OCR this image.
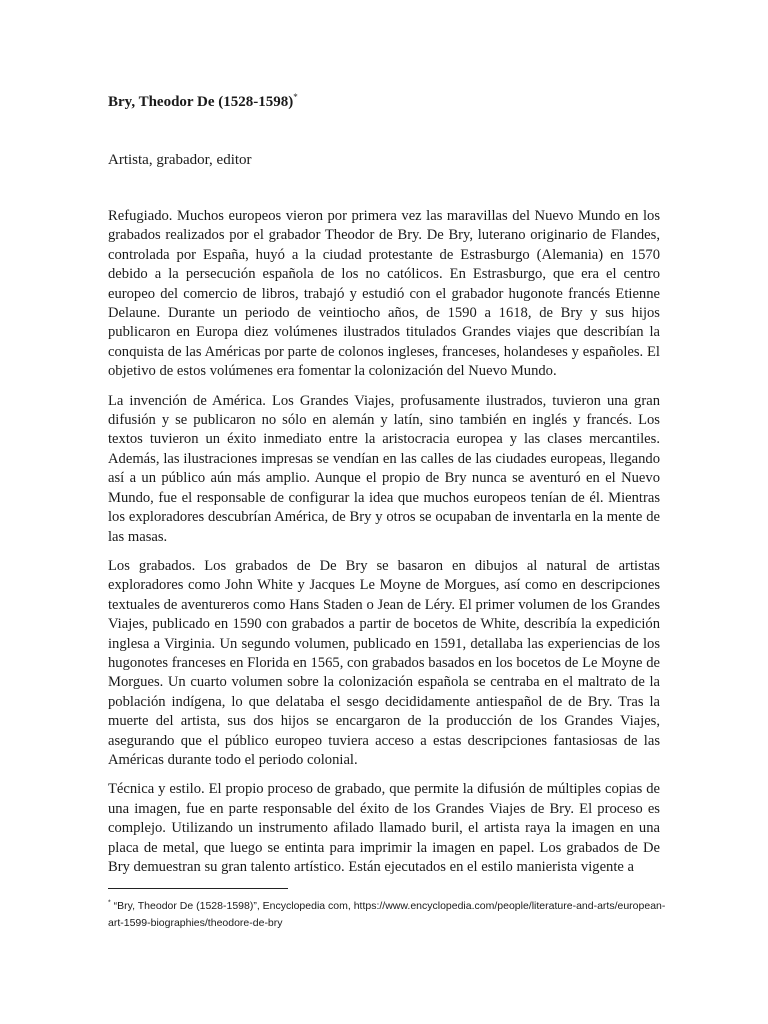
Bry, Theodor De (1528-1598)*

Artista, grabador, editor

Refugiado. Muchos europeos vieron por primera vez las maravillas del Nuevo Mundo en los grabados realizados por el grabador Theodor de Bry. De Bry, luterano originario de Flandes, controlada por España, huyó a la ciudad protestante de Estrasburgo (Alemania) en 1570 debido a la persecución española de los no católicos. En Estrasburgo, que era el centro europeo del comercio de libros, trabajó y estudió con el grabador hugonote francés Etienne Delaune. Durante un periodo de veintiocho años, de 1590 a 1618, de Bry y sus hijos publicaron en Europa diez volúmenes ilustrados titulados Grandes viajes que describían la conquista de las Américas por parte de colonos ingleses, franceses, holandeses y españoles. El objetivo de estos volúmenes era fomentar la colonización del Nuevo Mundo.

La invención de América. Los Grandes Viajes, profusamente ilustrados, tuvieron una gran difusión y se publicaron no sólo en alemán y latín, sino también en inglés y francés. Los textos tuvieron un éxito inmediato entre la aristocracia europea y las clases mercantiles. Además, las ilustraciones impresas se vendían en las calles de las ciudades europeas, llegando así a un público aún más amplio. Aunque el propio de Bry nunca se aventuró en el Nuevo Mundo, fue el responsable de configurar la idea que muchos europeos tenían de él. Mientras los exploradores descubrían América, de Bry y otros se ocupaban de inventarla en la mente de las masas.

Los grabados. Los grabados de De Bry se basaron en dibujos al natural de artistas exploradores como John White y Jacques Le Moyne de Morgues, así como en descripciones textuales de aventureros como Hans Staden o Jean de Léry. El primer volumen de los Grandes Viajes, publicado en 1590 con grabados a partir de bocetos de White, describía la expedición inglesa a Virginia. Un segundo volumen, publicado en 1591, detallaba las experiencias de los hugonotes franceses en Florida en 1565, con grabados basados en los bocetos de Le Moyne de Morgues. Un cuarto volumen sobre la colonización española se centraba en el maltrato de la población indígena, lo que delataba el sesgo decididamente antiespañol de de Bry. Tras la muerte del artista, sus dos hijos se encargaron de la producción de los Grandes Viajes, asegurando que el público europeo tuviera acceso a estas descripciones fantasiosas de las Américas durante todo el periodo colonial.

Técnica y estilo. El propio proceso de grabado, que permite la difusión de múltiples copias de una imagen, fue en parte responsable del éxito de los Grandes Viajes de Bry. El proceso es complejo. Utilizando un instrumento afilado llamado buril, el artista raya la imagen en una placa de metal, que luego se entinta para imprimir la imagen en papel. Los grabados de De Bry demuestran su gran talento artístico. Están ejecutados en el estilo manierista vigente a

* “Bry, Theodor De (1528-1598)”, Encyclopedia com, https://www.encyclopedia.com/people/literature-and-arts/european-art-1599-biographies/theodore-de-bry
